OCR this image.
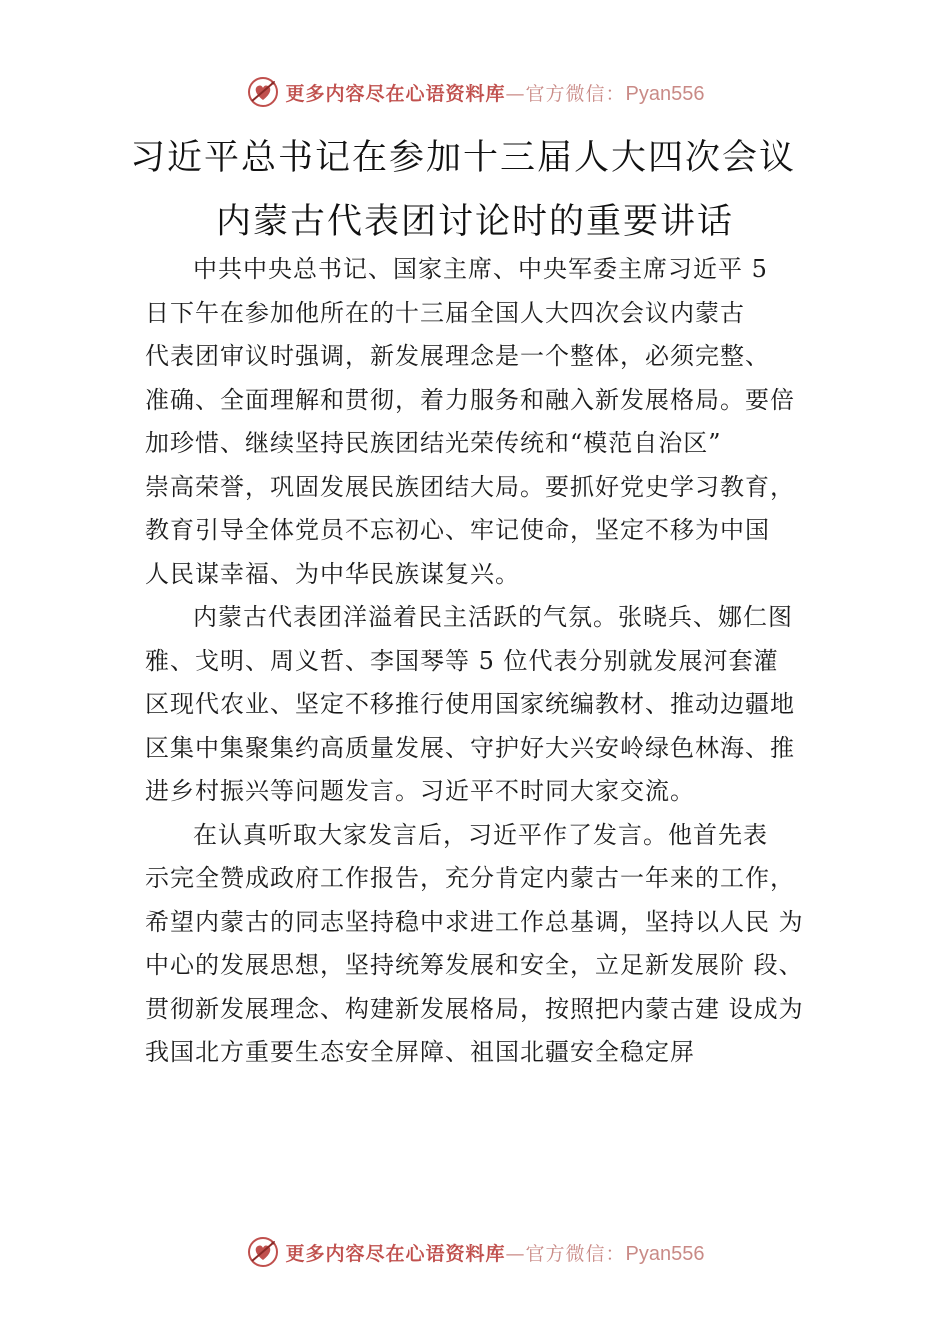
更多内容尽在心语资料库—官方微信：Pyan556
习近平总书记在参加十三届人大四次会议
内蒙古代表团讨论时的重要讲话

中共中央总书记、国家主席、中央军委主席习近平 5
日下午在参加他所在的十三届全国人大四次会议内蒙古
代表团审议时强调，新发展理念是一个整体，必须完整、
准确、全面理解和贯彻，着力服务和融入新发展格局。要倍
加珍惜、继续坚持民族团结光荣传统和“模范自治区”
崇高荣誉，巩固发展民族团结大局。要抓好党史学习教育，
教育引导全体党员不忘初心、牢记使命，坚定不移为中国
人民谋幸福、为中华民族谋复兴。

内蒙古代表团洋溢着民主活跃的气氛。张晓兵、娜仁图
雅、戈明、周义哲、李国琴等 5 位代表分别就发展河套灌
区现代农业、坚定不移推行使用国家统编教材、推动边疆地
区集中集聚集约高质量发展、守护好大兴安岭绿色林海、推
进乡村振兴等问题发言。习近平不时同大家交流。

在认真听取大家发言后，习近平作了发言。他首先表
示完全赞成政府工作报告，充分肯定内蒙古一年来的工作，
希望内蒙古的同志坚持稳中求进工作总基调，坚持以人民 为
中心的发展思想，坚持统筹发展和安全，立足新发展阶 段、
贯彻新发展理念、构建新发展格局，按照把内蒙古建 设成为
我国北方重要生态安全屏障、祖国北疆安全稳定屏

更多内容尽在心语资料库—官方微信：Pyan556
